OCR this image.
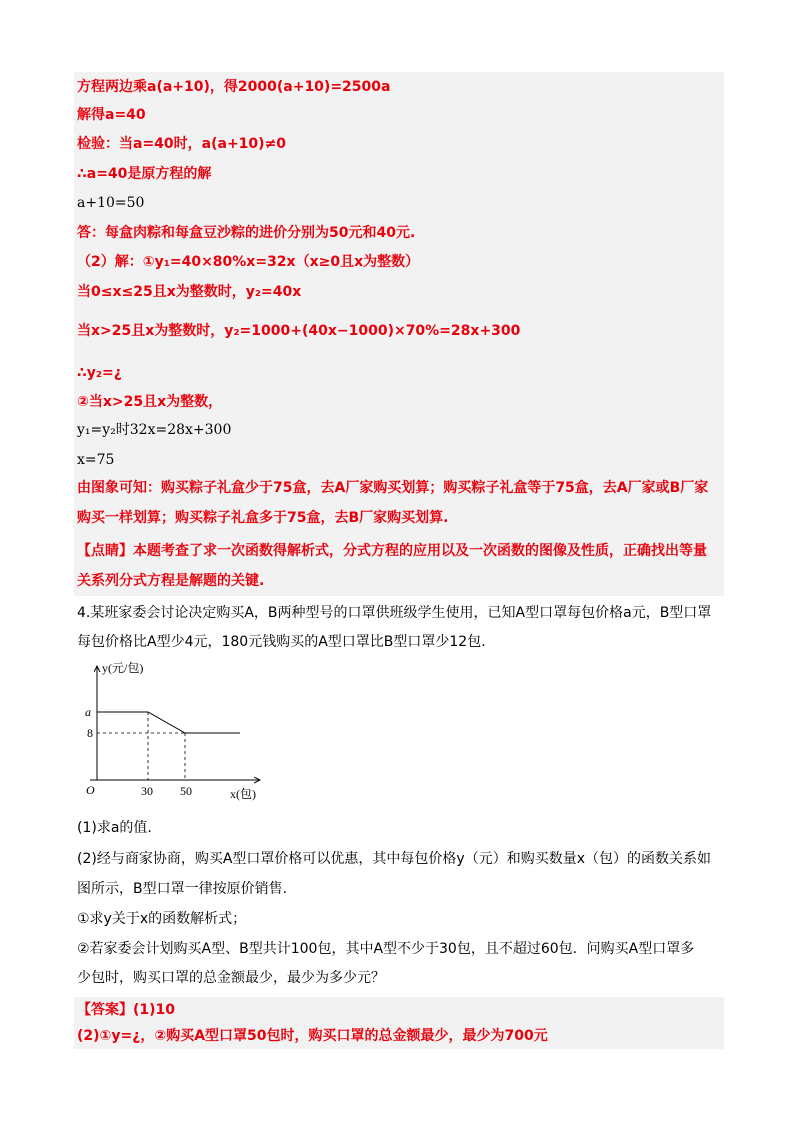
方程两边乘a(a+10)，得2000(a+10)=2500a
解得a=40
检验：当a=40时，a(a+10)≠0
∴a=40是原方程的解
a+10=50
答：每盒肉粽和每盒豆沙粽的进价分别为50元和40元.
（2）解：①y₁=40×80%x=32x（x≥0且x为整数）
当0≤x≤25且x为整数时，y₂=40x
当x>25且x为整数时，y₂=1000+(40x−1000)×70%=28x+300
∴y₂=¿
②当x>25且x为整数，
y₁=y₂时32x=28x+300
x=75
由图象可知：购买粽子礼盒少于75盒，去A厂家购买划算；购买粽子礼盒等于75盒，去A厂家或B厂家
购买一样划算；购买粽子礼盒多于75盒，去B厂家购买划算.
【点睛】本题考查了求一次函数得解析式，分式方程的应用以及一次函数的图像及性质，正确找出等量
关系列分式方程是解题的关键.
4.某班家委会讨论决定购买A，B两种型号的口罩供班级学生使用，已知A型口罩每包价格a元，B型口罩
每包价格比A型少4元，180元钱购买的A型口罩比B型口罩少12包.
y(元/包)
x(包)
O
a
8
30 50
(1)求a的值.
(2)经与商家协商，购买A型口罩价格可以优惠，其中每包价格y（元）和购买数量x（包）的函数关系如
图所示，B型口罩一律按原价销售.
①求y关于x的函数解析式；
②若家委会计划购买A型、B型共计100包，其中A型不少于30包，且不超过60包．问购买A型口罩多
少包时，购买口罩的总金额最少，最少为多少元？
【答案】(1)10
(2)①y=¿，②购买A型口罩50包时，购买口罩的总金额最少，最少为700元
